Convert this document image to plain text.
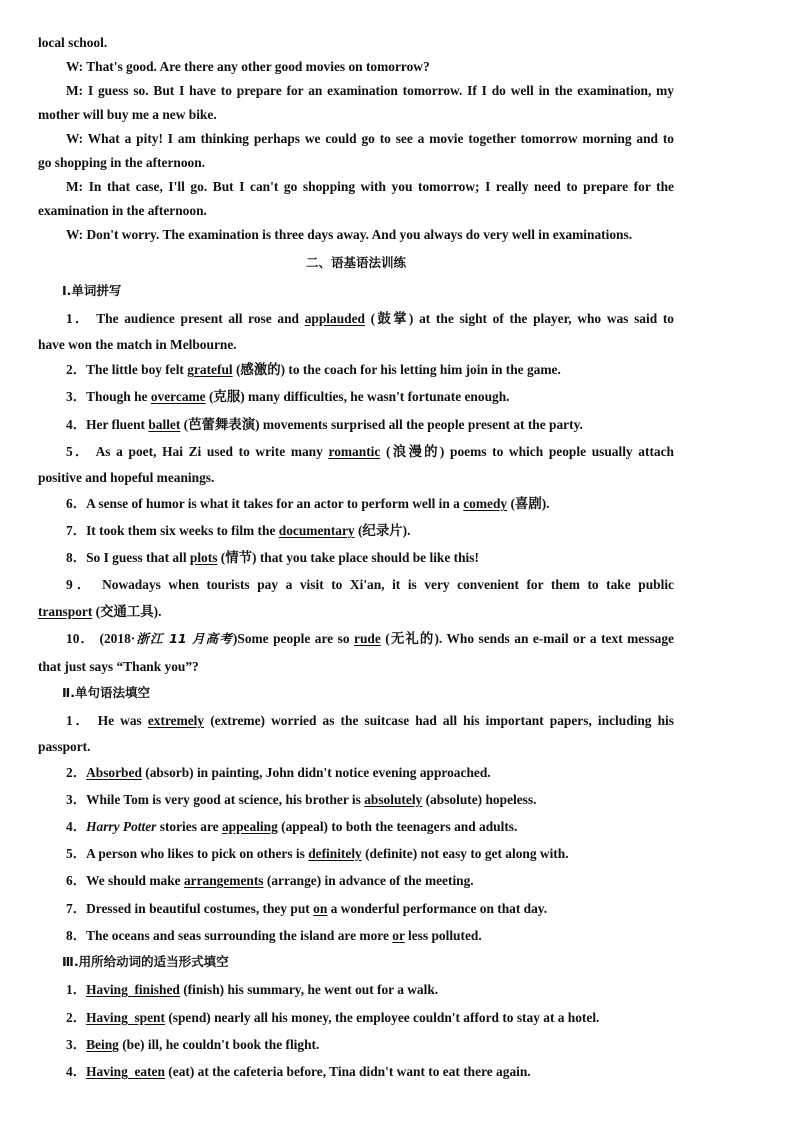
local school.
W: That's good. Are there any other good movies on tomorrow?
M: I guess so. But I have to prepare for an examination tomorrow. If I do well in the examination, my
mother will buy me a new bike.
W: What a pity! I am thinking perhaps we could go to see a movie together tomorrow morning and to
go shopping in the afternoon.
M: In that case, I'll go. But I can't go shopping with you tomorrow; I really need to prepare for the
examination in the afternoon.
W: Don't worry. The examination is three days away. And you always do very well in examinations.
二、语基语法训练
Ⅰ.单词拼写
1． The audience present all rose and applauded (鼓掌) at the sight of the player, who was said to
have won the match in Melbourne.
2．The little boy felt grateful (感激的) to the coach for his letting him join in the game.
3．Though he overcame (克服) many difficulties, he wasn't fortunate enough.
4．Her fluent ballet (芭蕾舞表演) movements surprised all the people present at the party.
5． As a poet, Hai Zi used to write many romantic (浪漫的) poems to which people usually attach
positive and hopeful meanings.
6．A sense of humor is what it takes for an actor to perform well in a comedy (喜剧).
7．It took them six weeks to film the documentary (纪录片).
8．So I guess that all plots (情节) that you take place should be like this!
9． Nowadays when tourists pay a visit to Xi'an, it is very convenient for them to take public
transport (交通工具).
10． (2018·浙江 11 月高考)Some people are so rude (无礼的). Who sends an e-mail or a text message
that just says “Thank you”?
Ⅱ.单句语法填空
1． He was extremely (extreme) worried as the suitcase had all his important papers, including his
passport.
2．Absorbed (absorb) in painting, John didn't notice evening approached.
3．While Tom is very good at science, his brother is absolutely (absolute) hopeless.
4．Harry Potter stories are appealing (appeal) to both the teenagers and adults.
5．A person who likes to pick on others is definitely (definite) not easy to get along with.
6．We should make arrangements (arrange) in advance of the meeting.
7．Dressed in beautiful costumes, they put on a wonderful performance on that day.
8．The oceans and seas surrounding the island are more or less polluted.
Ⅲ.用所给动词的适当形式填空
1．Having  finished (finish) his summary, he went out for a walk.
2．Having  spent (spend) nearly all his money, the employee couldn't afford to stay at a hotel.
3．Being (be) ill, he couldn't book the flight.
4．Having  eaten (eat) at the cafeteria before, Tina didn't want to eat there again.
